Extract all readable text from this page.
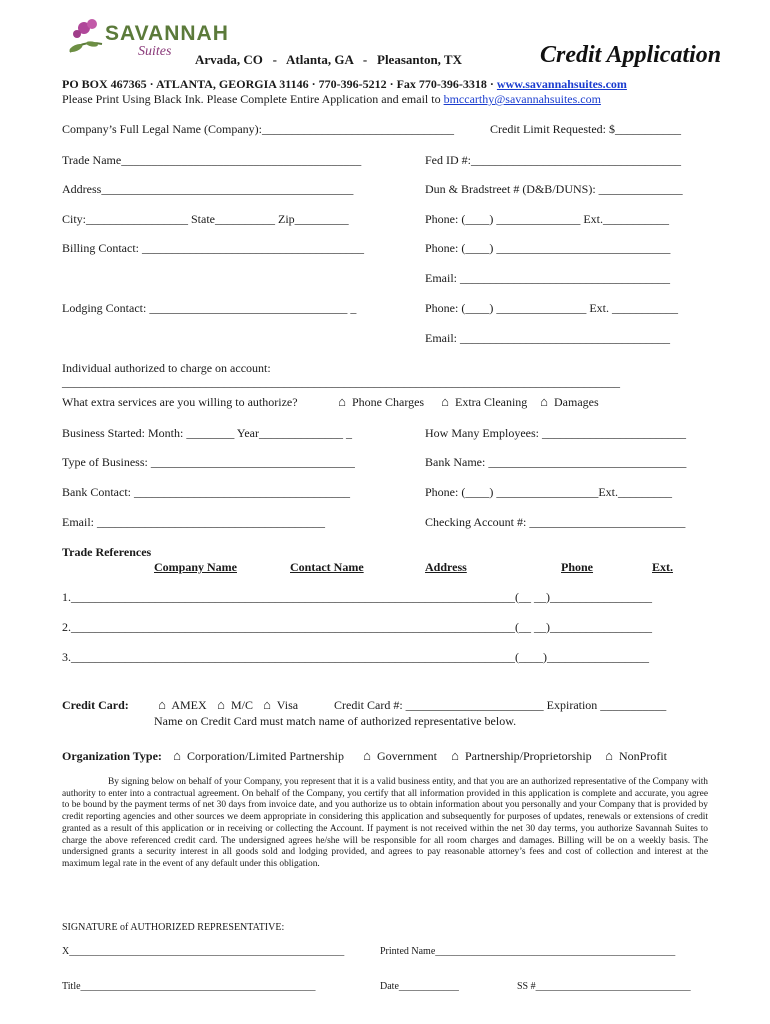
SAVANNAH
Suites
Arvada, CO   -   Atlanta, GA   -   Pleasanton, TX	Credit Application
PO BOX 467365 · ATLANTA, GEORGIA 31146 · 770-396-5212 · Fax 770-396-3318 · www.savannahsuites.com
Please Print Using Black Ink. Please Complete Entire Application and email to bmccarthy@savannahsuites.com
Company’s Full Legal Name (Company):________________________________	Credit Limit Requested: $___________
Trade Name________________________________________	Fed ID #:___________________________________
Address__________________________________________	Dun & Bradstreet # (D&B/DUNS): ______________
City:_________________ State__________ Zip_________	Phone: (____) ______________ Ext.___________
Billing Contact: _____________________________________	Phone: (____) _____________________________
Email: ___________________________________
Lodging Contact: _________________________________ _	Phone: (____) _______________ Ext. ___________
Email: ___________________________________
Individual authorized to charge on account:
_____________________________________________________________________________________________
What extra services are you willing to authorize?	⌂ Phone Charges ⌂ Extra Cleaning ⌂ Damages
Business Started: Month: ________ Year______________ _	How Many Employees: ________________________
Type of Business: __________________________________	Bank Name: _________________________________
Bank Contact: ____________________________________	Phone: (____) _________________Ext._________
Email: ______________________________________	Checking Account #: __________________________
Trade References
Company Name	Contact Name	Address	Phone	Ext.
1.__________________________________________________________________________(__ __)_________________
2.__________________________________________________________________________(__ __)_________________
3.__________________________________________________________________________(____)_________________
Credit Card: ⌂ AMEX ⌂ M/C ⌂ Visa	Credit Card #: _______________________ Expiration ___________
Name on Credit Card must match name of authorized representative below.
Organization Type: ⌂ Corporation/Limited Partnership ⌂ Government ⌂ Partnership/Proprietorship ⌂ NonProfit
By signing below on behalf of your Company, you represent that it is a valid business entity, and that you are an authorized representative of the Company with authority to enter into a contractual agreement. On behalf of the Company, you certify that all information provided in this application is complete and accurate, you agree to be bound by the payment terms of net 30 days from invoice date, and you authorize us to obtain information about you personally and your Company that is provided by credit reporting agencies and other sources we deem appropriate in considering this application and subsequently for purposes of updates, renewals or extensions of credit granted as a result of this application or in receiving or collecting the Account. If payment is not received within the net 30 day terms, you authorize Savannah Suites to charge the above referenced credit card. The undersigned agrees he/she will be responsible for all room charges and damages. Billing will be on a weekly basis. The undersigned grants a security interest in all goods sold and lodging provided, and agrees to pay reasonable attorney’s fees and cost of collection and interest at the maximum legal rate in the event of any default under this obligation.
SIGNATURE of AUTHORIZED REPRESENTATIVE:
X_______________________________________________________	Printed Name________________________________________________
Title_______________________________________________	Date____________	SS #_______________________________
